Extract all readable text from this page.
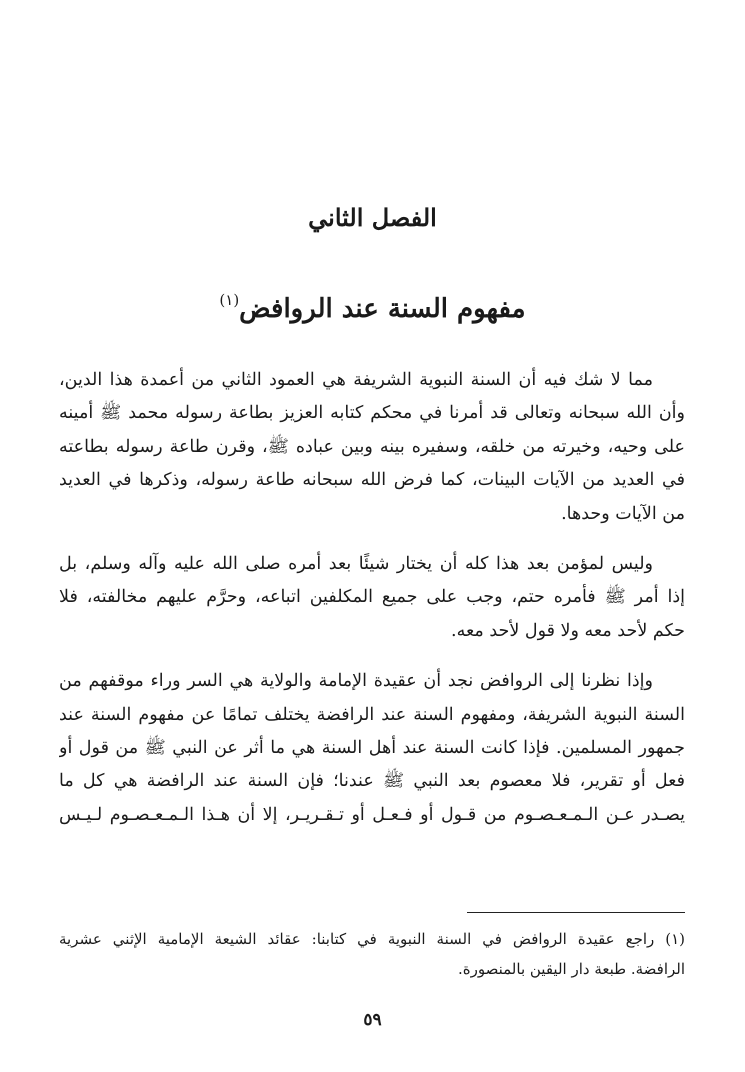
الفصل الثاني
مفهوم السنة عند الروافض$^{(١)}$

مما لا شك فيه أن السنة النبوية الشريفة هي العمود الثاني من أعمدة هذا الدين،
وأن الله سبحانه وتعالى قد أمرنا في محكم كتابه العزيز بطاعة رسوله محمد ﷺ أمينه
على وحيه، وخيرته من خلقه، وسفيره بينه وبين عباده ﷺ، وقرن طاعة رسوله بطاعته
في العديد من الآيات البينات، كما فرض الله سبحانه طاعة رسوله، وذكرها في العديد
من الآيات وحدها.

وليس لمؤمن بعد هذا كله أن يختار شيئًا بعد أمره صلى الله عليه وآله وسلم، بل
إذا أمر ﷺ فأمره حتم، وجب على جميع المكلفين اتباعه، وحرَّم عليهم مخالفته، فلا
حكم لأحد معه ولا قول لأحد معه.

وإذا نظرنا إلى الروافض نجد أن عقيدة الإمامة والولاية هي السر وراء موقفهم من
السنة النبوية الشريفة، ومفهوم السنة عند الرافضة يختلف تمامًا عن مفهوم السنة عند
جمهور المسلمين. فإذا كانت السنة عند أهل السنة هي ما أثر عن النبي ﷺ من قول أو
فعل أو تقرير، فلا معصوم بعد النبي ﷺ عندنا؛ فإن السنة عند الرافضة هي كل ما
يصـدر عـن الـمـعـصـوم من قـول أو فـعـل أو تـقـريـر، إلا أن هـذا الـمـعـصـوم لـيـس

(١) راجع عقيدة الروافض في السنة النبوية في كتابنا: عقائد الشيعة الإمامية الإثني عشرية
الرافضة. طبعة دار اليقين بالمنصورة.
٥٩
